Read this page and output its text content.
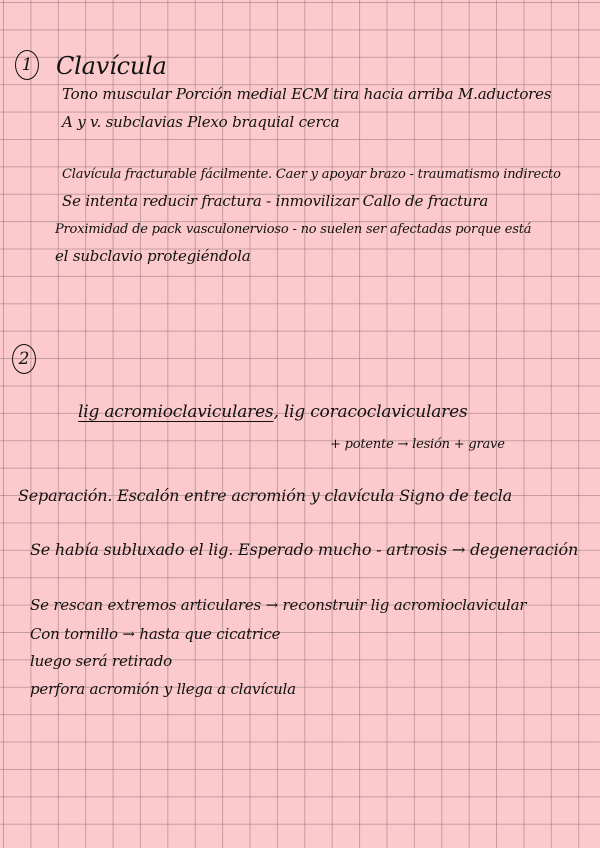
1 Clavícula
Tono muscular Porción medial ECM tira hacia arriba M.aductores
A y v. subclavias Plexo braquial cerca
Clavícula fracturable fácilmente. Caer y apoyar brazo - traumatismo indirecto
Se intenta reducir fractura - inmovilizar Callo de fractura
Proximidad de pack vasculonervioso - no suelen ser afectadas porque está
el subclavio protegiéndola
2
lig acromioclaviculares, lig coracoclaviculares
+ potente → lesión + grave
Separación. Escalón entre acromión y clavícula Signo de tecla
Se había subluxado el lig. Esperado mucho - artrosis → degeneración
Se rescan extremos articulares → reconstruir lig acromioclavicular
Con tornillo → hasta que cicatrice
luego será retirado
perfora acromión y llega a clavícula
